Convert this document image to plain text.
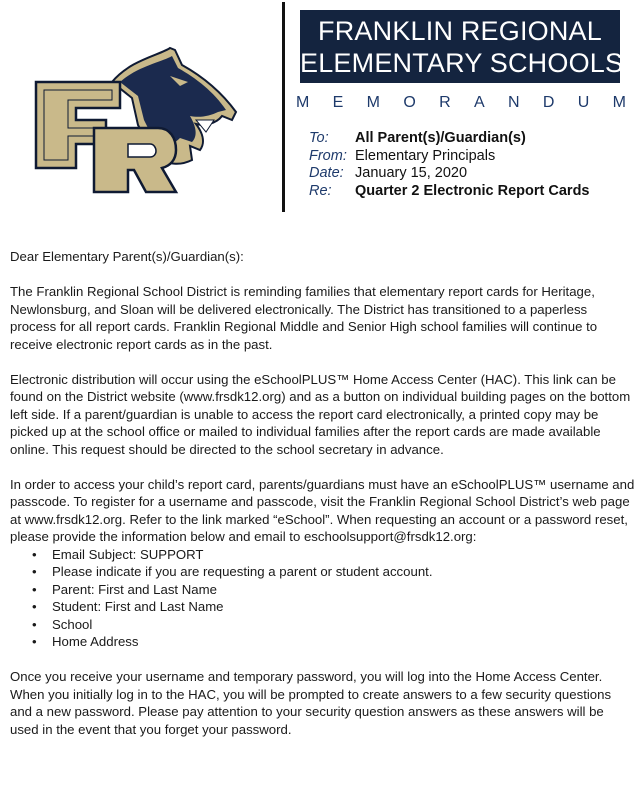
FRANKLIN REGIONAL
ELEMENTARY SCHOOLS
M E M O R A N D U M
To:	All Parent(s)/Guardian(s)
From: Elementary Principals
Date: January 15, 2020
Re:	Quarter 2 Electronic Report Cards

Dear Elementary Parent(s)/Guardian(s):

The Franklin Regional School District is reminding families that elementary report cards for Heritage, Newlonsburg, and Sloan will be delivered electronically. The District has transitioned to a paperless process for all report cards. Franklin Regional Middle and Senior High school families will continue to receive electronic report cards as in the past.

Electronic distribution will occur using the eSchoolPLUS™ Home Access Center (HAC). This link can be found on the District website (www.frsdk12.org) and as a button on individual building pages on the bottom left side. If a parent/guardian is unable to access the report card electronically, a printed copy may be picked up at the school office or mailed to individual families after the report cards are made available online. This request should be directed to the school secretary in advance.

In order to access your child’s report card, parents/guardians must have an eSchoolPLUS™ username and passcode. To register for a username and passcode, visit the Franklin Regional School District’s web page at www.frsdk12.org. Refer to the link marked “eSchool”. When requesting an account or a password reset, please provide the information below and email to eschoolsupport@frsdk12.org:

• Email Subject: SUPPORT
• Please indicate if you are requesting a parent or student account.
• Parent: First and Last Name
• Student: First and Last Name
• School
• Home Address

Once you receive your username and temporary password, you will log into the Home Access Center. When you initially log in to the HAC, you will be prompted to create answers to a few security questions and a new password. Please pay attention to your security question answers as these answers will be used in the event that you forget your password.
